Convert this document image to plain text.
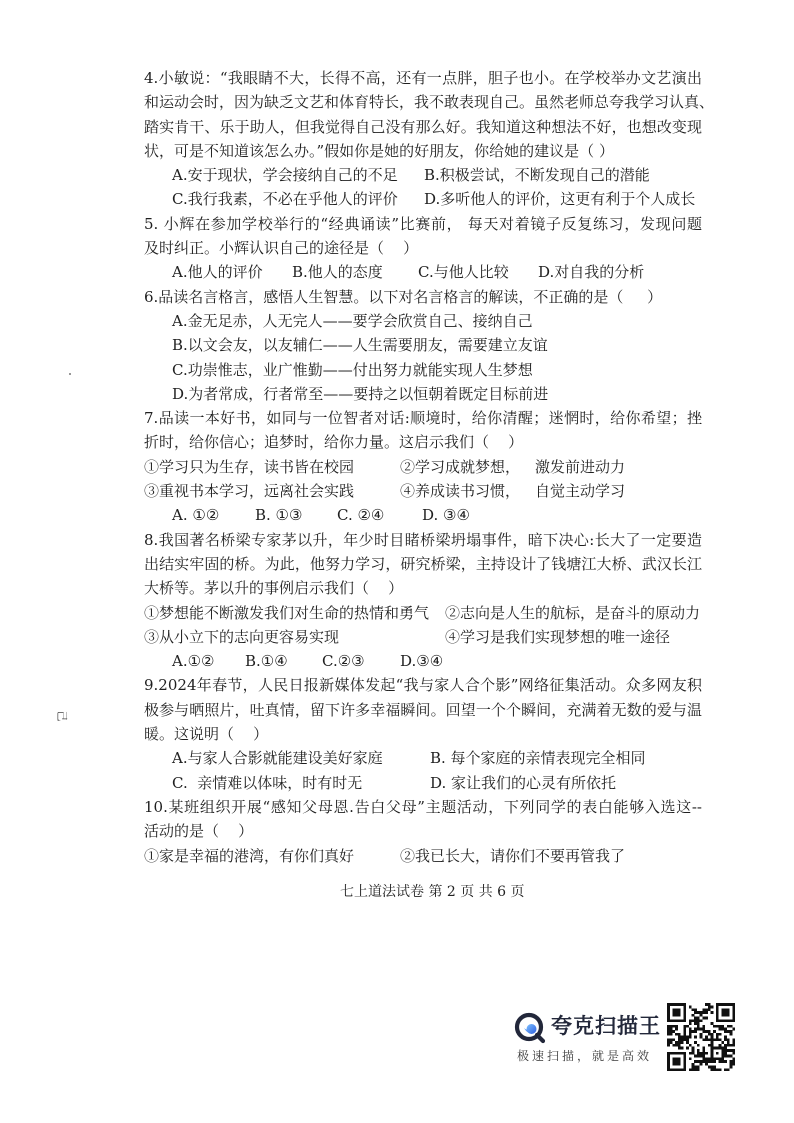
4.小敏说：“我眼睛不大，长得不高，还有一点胖，胆子也小。在学校举办文艺演出
和运动会时，因为缺乏文艺和体育特长，我不敢表现自己。虽然老师总夸我学习认真、
踏实肯干、乐于助人，但我觉得自己没有那么好。我知道这种想法不好，也想改变现
状，可是不知道该怎么办。”假如你是她的好朋友，你给她的建议是（ ）

A.安于现状，学会接纳自己的不足

B.积极尝试，不断发现自己的潜能

C.我行我素，不必在乎他人的评价

D.多听他人的评价，这更有利于个人成长

5. 小辉在参加学校举行的“经典诵读”比赛前， 每天对着镜子反复练习，发现问题
及时纠正。小辉认识自己的途径是（    ）

A.他人的评价

B.他人的态度

C.与他人比较

D.对自我的分析

6.品读名言格言，感悟人生智慧。以下对名言格言的解读，不正确的是（     ）
A.金无足赤，人无完人——要学会欣赏自己、接纳自己
B.以文会友，以友辅仁——人生需要朋友，需要建立友谊
C.功崇惟志，业广惟勤——付出努力就能实现人生梦想
D.为者常成，行者常至——要持之以恒朝着既定目标前进
7.品读一本好书，如同与一位智者对话:顺境时，给你清醒；迷惘时，给你希望；挫
折时，给你信心；追梦时，给你力量。这启示我们（    ）

①学习只为生存，读书皆在校园

	②学习成就梦想，

激发前进动力

③重视书本学习，远离社会实践

	④养成读书习惯，

自觉主动学习

A. ①②

B. ①③

C. ②④

	D. ③④

8.我国著名桥梁专家茅以升，年少时目睹桥梁坍塌事件，暗下决心:长大了一定要造
出结实牢固的桥。为此，他努力学习，研究桥梁，主持设计了钱塘江大桥、武汉长江
大桥等。茅以升的事例启示我们（    ）

①梦想能不断激发我们对生命的热情和勇气

②志向是人生的航标，是奋斗的原动力

③从小立下的志向更容易实现

	④学习是我们实现梦想的唯一途径

A.①②

B.①④

C.②③

D.③④

9.2024年春节，人民日报新媒体发起“我与家人合个影”网络征集活动。众多网友积
极参与晒照片，吐真情，留下许多幸福瞬间。回望一个个瞬间，充满着无数的爱与温
暖。这说明（    ）

A.与家人合影就能建设美好家庭

	B. 每个家庭的亲情表现完全相同

C.  亲情难以体味，时有时无

	D. 家让我们的心灵有所依托

10.某班组织开展“感知父母恩.告白父母”主题活动，下列同学的表白能够入选这--
活动的是（    ）

①家是幸福的港湾，有你们真好

	②我已长大，请你们不要再管我了

七上道法试卷 第 2 页 共 6 页
己
夸克扫描王
极速扫描，就是高效
